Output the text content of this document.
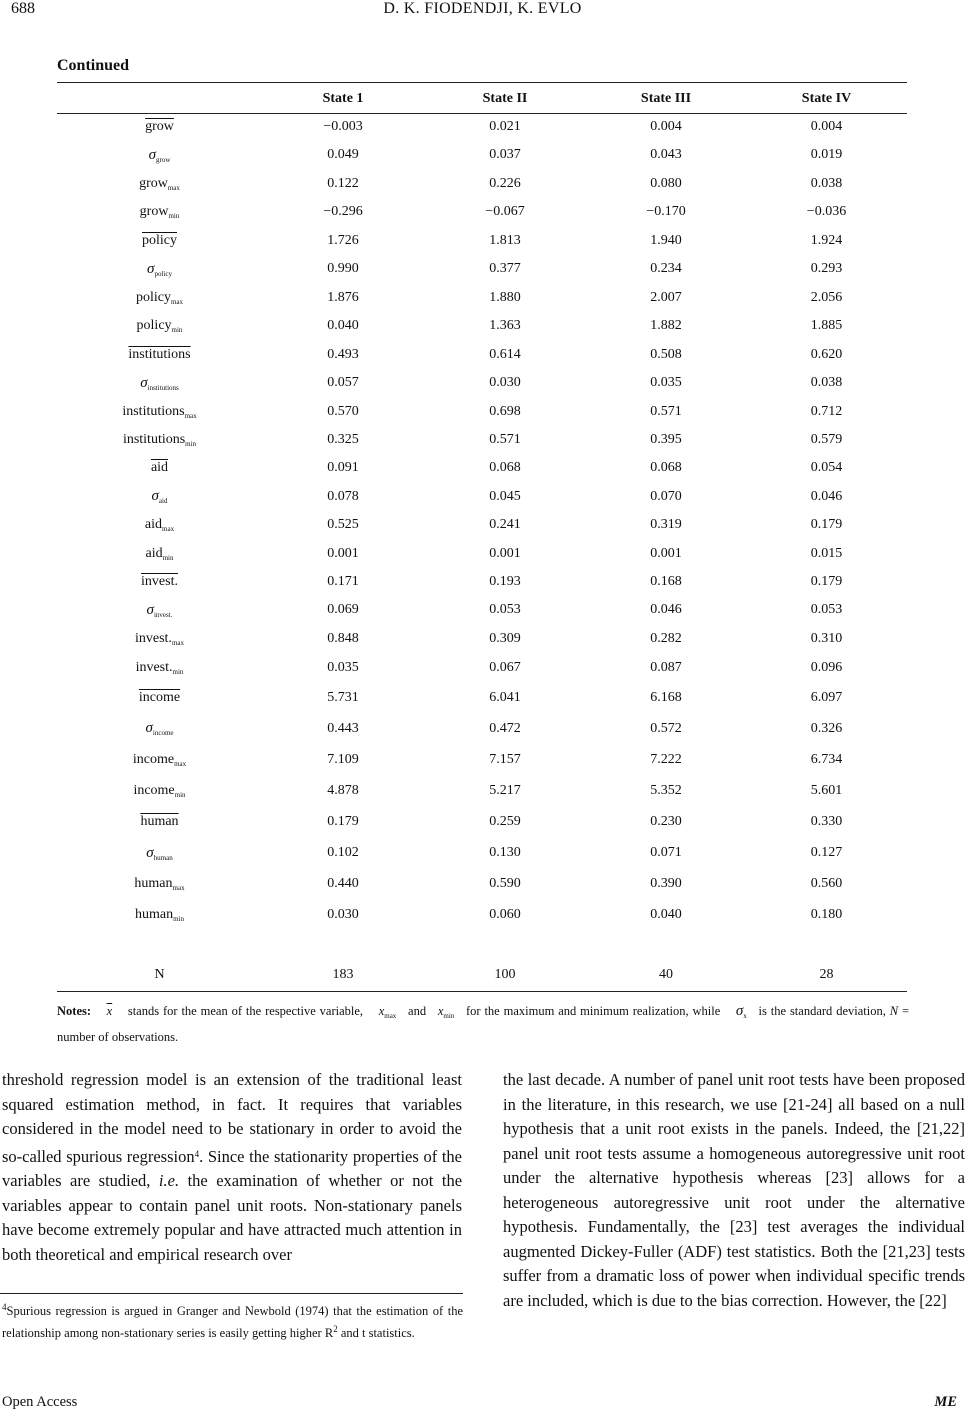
688	D. K. FIODENDJI, K. EVLO
Continued
	State 1	State II	State III	State IV
grow	−0.003	0.021	0.004	0.004
$\sigma_{grow}$	0.049	0.037	0.043	0.019
grow$_{max}$	0.122	0.226	0.080	0.038
grow$_{min}$	−0.296	−0.067	−0.170	−0.036
policy	1.726	1.813	1.940	1.924
$\sigma_{policy}$	0.990	0.377	0.234	0.293
policy$_{max}$	1.876	1.880	2.007	2.056
policy$_{min}$	0.040	1.363	1.882	1.885
institutions	0.493	0.614	0.508	0.620
$\sigma_{institutions}$	0.057	0.030	0.035	0.038
institutions$_{max}$	0.570	0.698	0.571	0.712
institutions$_{min}$	0.325	0.571	0.395	0.579
$\overline{aid}$	0.091	0.068	0.068	0.054
$\sigma_{aid}$	0.078	0.045	0.070	0.046
aid$_{max}$	0.525	0.241	0.319	0.179
aid$_{min}$	0.001	0.001	0.001	0.015
invest.	0.171	0.193	0.168	0.179
$\sigma_{invest.}$	0.069	0.053	0.046	0.053
$invest._{max}$	0.848	0.309	0.282	0.310
$invest._{min}$	0.035	0.067	0.087	0.096
income	5.731	6.041	6.168	6.097
$\sigma_{income}$	0.443	0.472	0.572	0.326
income$_{max}$	7.109	7.157	7.222	6.734
income$_{min}$	4.878	5.217	5.352	5.601
human	0.179	0.259	0.230	0.330
$\sigma_{human}$	0.102	0.130	0.071	0.127
human$_{max}$	0.440	0.590	0.390	0.560
human$_{min}$	0.030	0.060	0.040	0.180

N	183	100	40	28
Notes: $\overline{x}$ stands for the mean of the respective variable, $x_{max}$ and $x_{min}$ for the maximum and minimum realization, while $\sigma_x$ is the standard deviation, N = number of observations.
threshold regression model is an extension of the traditional least squared estimation method, in fact. It requires that variables considered in the model need to be stationary in order to avoid the so-called spurious regression$^4$. Since the stationarity properties of the variables are studied, i.e. the examination of whether or not the variables appear to contain panel unit roots. Non-stationary panels have become extremely popular and have attracted much attention in both theoretical and empirical research over
the last decade. A number of panel unit root tests have been proposed in the literature, in this research, we use [21-24] all based on a null hypothesis that a unit root exists in the panels. Indeed, the [21,22] panel unit root tests assume a homogeneous autoregressive unit root under the alternative hypothesis whereas [23] allows for a heterogeneous autoregressive unit root under the alternative hypothesis. Fundamentally, the [23] test averages the individual augmented Dickey-Fuller (ADF) test statistics. Both the [21,23] tests suffer from a dramatic loss of power when individual specific trends are included, which is due to the bias correction. However, the [22]
$^4$Spurious regression is argued in Granger and Newbold (1974) that the estimation of the relationship among non-stationary series is easily getting higher $R^2$ and t statistics.
Open Access	ME
